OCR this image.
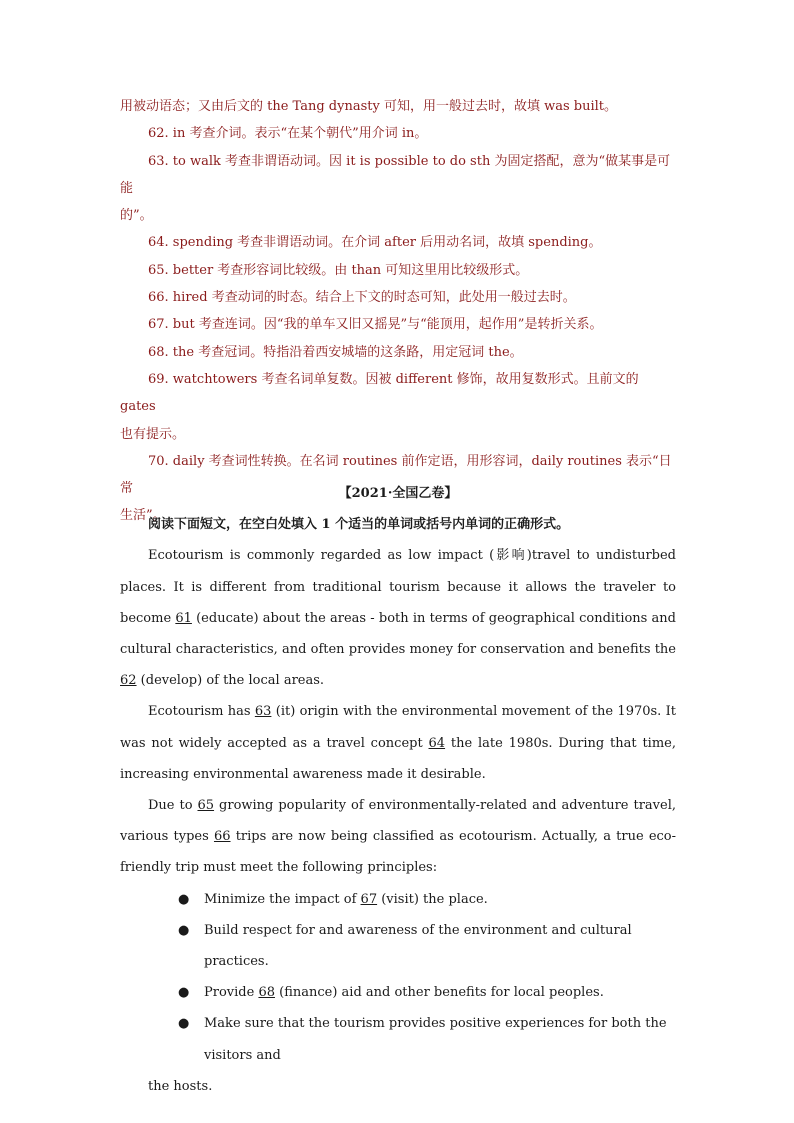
用被动语态；又由后文的 the Tang dynasty 可知，用一般过去时，故填 was built。

62. in 考查介词。表示“在某个朝代”用介词 in。

63. to walk 考查非谓语动词。因 it is possible to do sth 为固定搭配，意为“做某事是可能

的”。

64. spending 考查非谓语动词。在介词 after 后用动名词，故填 spending。

65. better 考查形容词比较级。由 than 可知这里用比较级形式。

66. hired 考查动词的时态。结合上下文的时态可知，此处用一般过去时。

67. but 考查连词。因“我的单车又旧又摇晃”与“能顶用，起作用”是转折关系。

68. the 考查冠词。特指沿着西安城墙的这条路，用定冠词 the。

69. watchtowers 考查名词单复数。因被 different 修饰，故用复数形式。且前文的 gates

也有提示。

70. daily 考查词性转换。在名词 routines 前作定语，用形容词，daily routines 表示“日常

生活”。

【2021·全国乙卷】

阅读下面短文，在空白处填入 1 个适当的单词或括号内单词的正确形式。

Ecotourism is commonly regarded as low impact (影响)travel to undisturbed places. It is different from traditional tourism because it allows the traveler to become 61 (educate) about the areas - both in terms of geographical conditions and cultural characteristics, and often provides money for conservation and benefits the 62 (develop) of the local areas.

Ecotourism has 63 (it) origin with the environmental movement of the 1970s. It was not widely accepted as a travel concept 64 the late 1980s. During that time, increasing environmental awareness made it desirable.

Due to 65 growing popularity of environmentally-related and adventure travel, various types 66 trips are now being classified as ecotourism. Actually, a true eco-friendly trip must meet the following principles:

● Minimize the impact of 67 (visit) the place.
● Build respect for and awareness of the environment and cultural practices.
● Provide 68 (finance) aid and other benefits for local peoples.
● Make sure that the tourism provides positive experiences for both the visitors and
the hosts.
